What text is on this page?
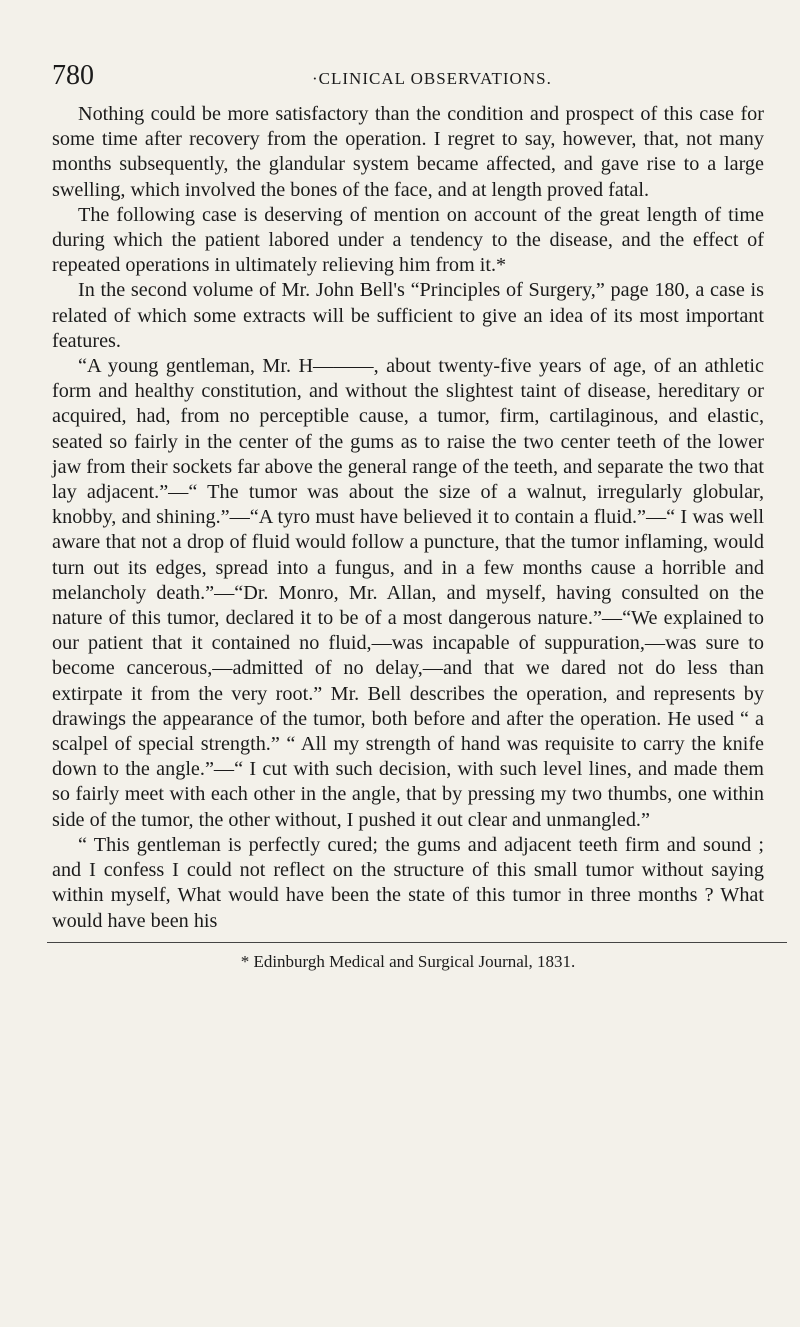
780	·CLINICAL OBSERVATIONS.

Nothing could be more satisfactory than the condition and prospect of this case for some time after recovery from the operation. I regret to say, however, that, not many months subsequently, the glandular system became affected, and gave rise to a large swelling, which involved the bones of the face, and at length proved fatal.

The following case is deserving of mention on account of the great length of time during which the patient labored under a tendency to the disease, and the effect of repeated operations in ultimately relieving him from it.*

In the second volume of Mr. John Bell's “Principles of Surgery,” page 180, a case is related of which some extracts will be sufficient to give an idea of its most important features.

“A young gentleman, Mr. H———, about twenty-five years of age, of an athletic form and healthy constitution, and without the slightest taint of disease, hereditary or acquired, had, from no perceptible cause, a tumor, firm, cartilaginous, and elastic, seated so fairly in the center of the gums as to raise the two center teeth of the lower jaw from their sockets far above the general range of the teeth, and separate the two that lay adjacent.”—“ The tumor was about the size of a walnut, irregularly globular, knobby, and shining.”—“A tyro must have believed it to contain a fluid.”—“ I was well aware that not a drop of fluid would follow a puncture, that the tumor inflaming, would turn out its edges, spread into a fungus, and in a few months cause a horrible and melancholy death.”—“Dr. Monro, Mr. Allan, and myself, having consulted on the nature of this tumor, declared it to be of a most dangerous nature.”—“We explained to our patient that it contained no fluid,—was incapable of suppuration,—was sure to become cancerous,—admitted of no delay,—and that we dared not do less than extirpate it from the very root.” Mr. Bell describes the operation, and represents by drawings the appearance of the tumor, both before and after the operation. He used “ a scalpel of special strength.” “ All my strength of hand was requisite to carry the knife down to the angle.”—“ I cut with such decision, with such level lines, and made them so fairly meet with each other in the angle, that by pressing my two thumbs, one within side of the tumor, the other without, I pushed it out clear and unmangled.”

“ This gentleman is perfectly cured; the gums and adjacent teeth firm and sound ; and I confess I could not reflect on the structure of this small tumor without saying within myself, What would have been the state of this tumor in three months ? What would have been his

* Edinburgh Medical and Surgical Journal, 1831.
